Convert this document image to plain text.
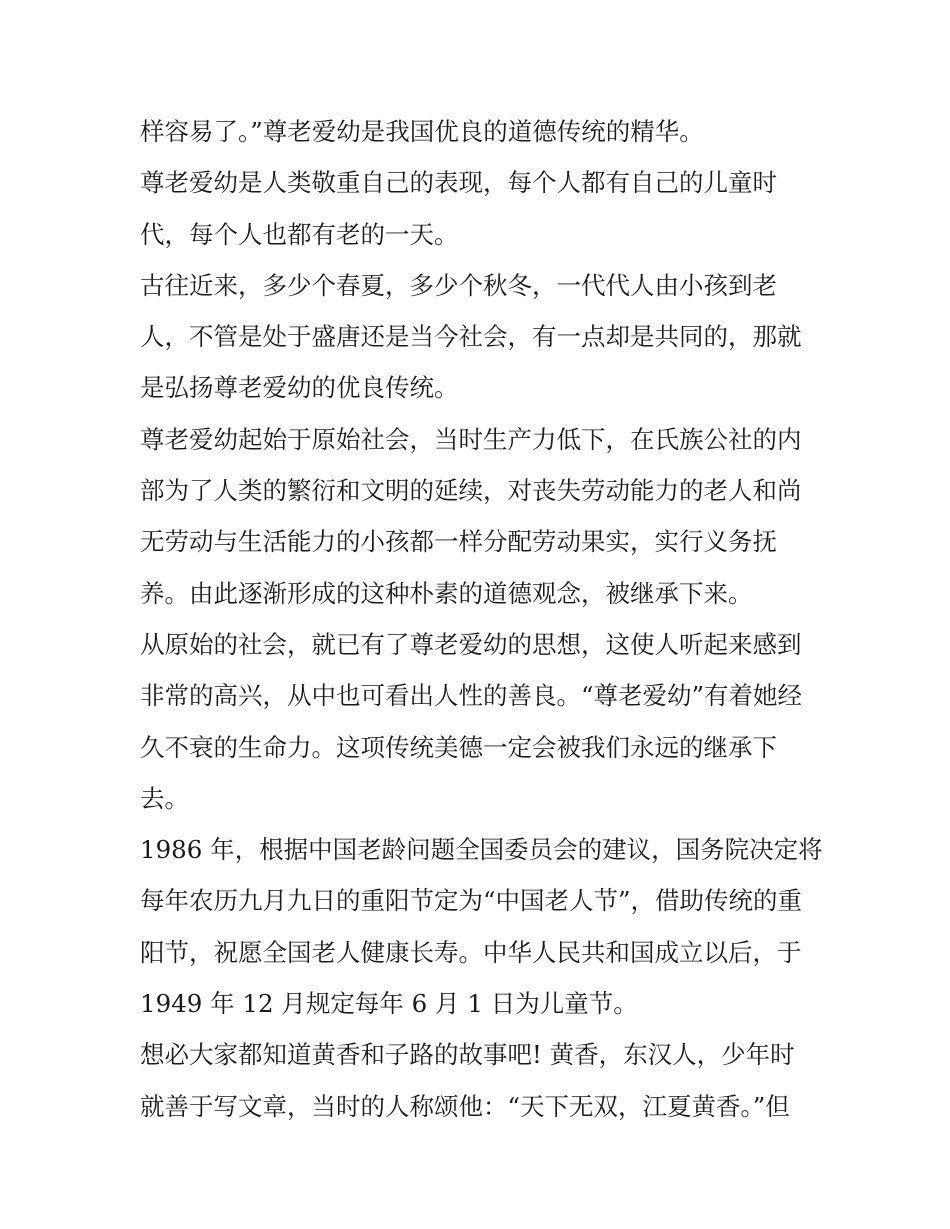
样容易了。”尊老爱幼是我国优良的道德传统的精华。
尊老爱幼是人类敬重自己的表现，每个人都有自己的儿童时
代，每个人也都有老的一天。
古往近来，多少个春夏，多少个秋冬，一代代人由小孩到老
人，不管是处于盛唐还是当今社会，有一点却是共同的，那就
是弘扬尊老爱幼的优良传统。
尊老爱幼起始于原始社会，当时生产力低下，在氏族公社的内
部为了人类的繁衍和文明的延续，对丧失劳动能力的老人和尚
无劳动与生活能力的小孩都一样分配劳动果实，实行义务抚
养。由此逐渐形成的这种朴素的道德观念，被继承下来。
从原始的社会，就已有了尊老爱幼的思想，这使人听起来感到
非常的高兴，从中也可看出人性的善良。“尊老爱幼”有着她经
久不衰的生命力。这项传统美德一定会被我们永远的继承下
去。
1986 年，根据中国老龄问题全国委员会的建议，国务院决定将
每年农历九月九日的重阳节定为“中国老人节”，借助传统的重
阳节，祝愿全国老人健康长寿。中华人民共和国成立以后，于
1949 年 12 月规定每年 6 月 1 日为儿童节。
想必大家都知道黄香和子路的故事吧! 黄香，东汉人，少年时
就善于写文章，当时的人称颂他：“天下无双，江夏黄香。”但
